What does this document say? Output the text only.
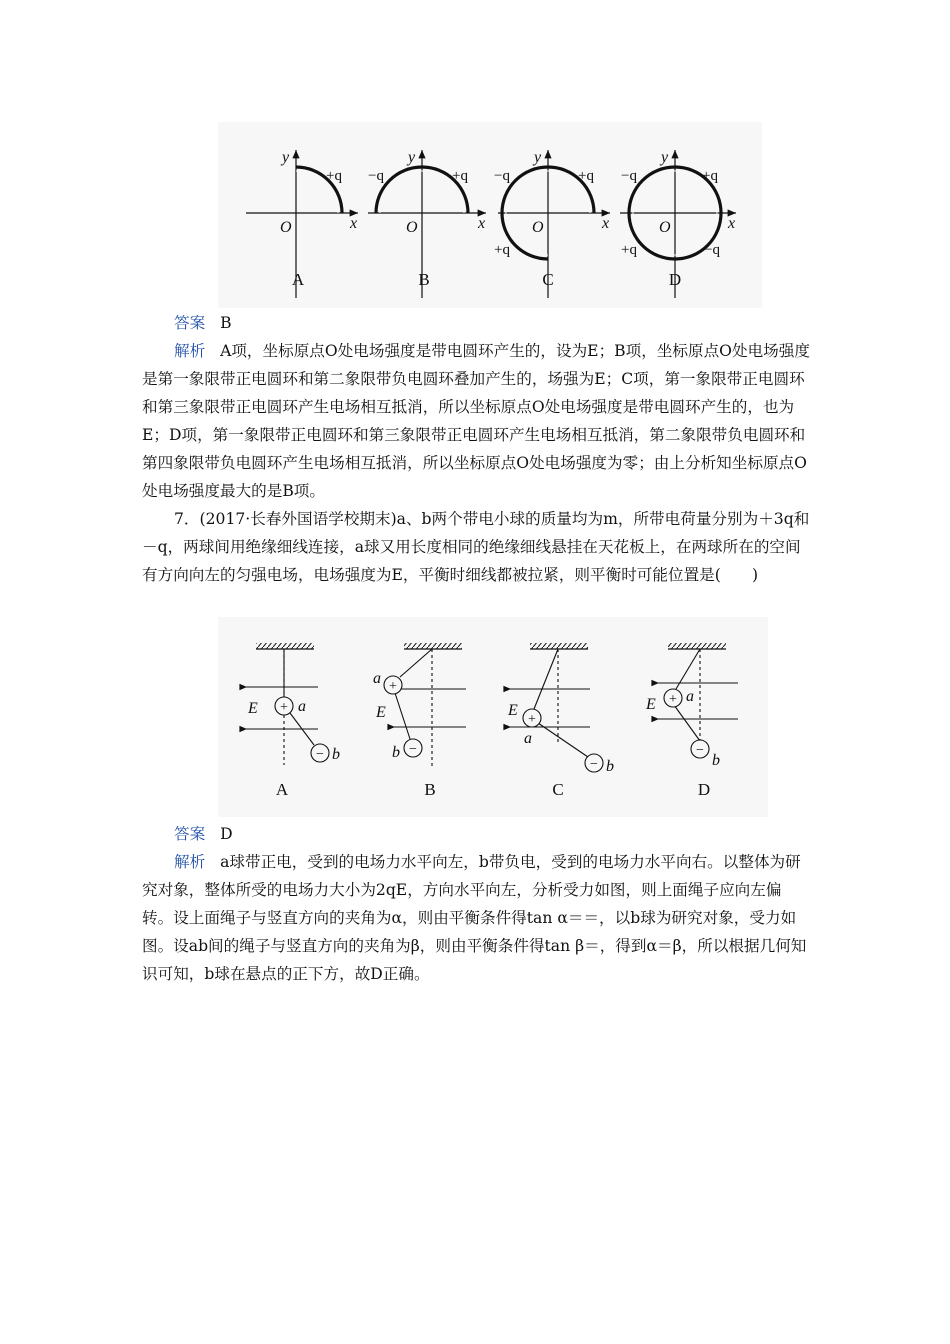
y
x
O
y
x
O
y
x
O
y
x
O
+q −q	+q −q	+q
+q
−q	+q
+q	−q
A	B	C	D
答案 B
解析 A项，坐标原点O处电场强度是带电圆环产生的，设为E；B项，坐标原点O处电场强度是第一象限带正电圆环和第二象限带负电圆环叠加产生的，场强为E；C项，第一象限带正电圆环和第三象限带正电圆环产生电场相互抵消，所以坐标原点O处电场强度是带电圆环产生的，也为E；D项，第一象限带正电圆环和第三象限带正电圆环产生电场相互抵消，第二象限带负电圆环和第四象限带负电圆环产生电场相互抵消，所以坐标原点O处电场强度为零；由上分析知坐标原点O处电场强度最大的是B项。
7．(2017·长春外国语学校期末)a、b两个带电小球的质量均为m，所带电荷量分别为＋3q和－q，两球间用绝缘细线连接，a球又用长度相同的绝缘细线悬挂在天花板上，在两球所在的空间有方向向左的匀强电场，电场强度为E，平衡时细线都被拉紧，则平衡时可能位置是(　　)
+
−
+
−
+
−
+
−
E	a
b
a
E
b
E
a
b
E a
b
A	B	C	D
答案 D
解析 a球带正电，受到的电场力水平向左，b带负电，受到的电场力水平向右。以整体为研究对象，整体所受的电场力大小为2qE，方向水平向左，分析受力如图，则上面绳子应向左偏转。设上面绳子与竖直方向的夹角为α，则由平衡条件得tan α＝＝，以b球为研究对象，受力如图。设ab间的绳子与竖直方向的夹角为β，则由平衡条件得tan β＝，得到α＝β，所以根据几何知识可知，b球在悬点的正下方，故D正确。
